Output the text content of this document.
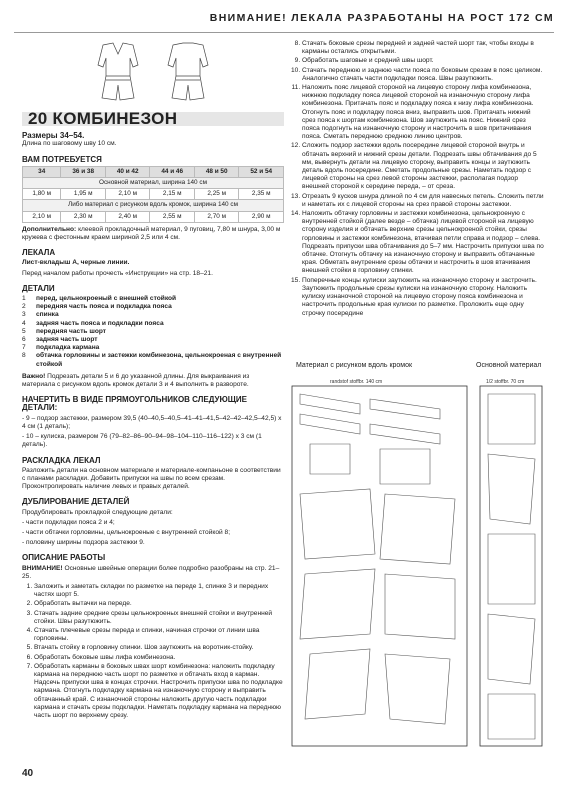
ВНИМАНИЕ! ЛЕКАЛА РАЗРАБОТАНЫ НА РОСТ 172 СМ
20 КОМБИНЕЗОН
Размеры 34–54.

Длина по шаговому шву 10 см.

ВАМ ПОТРЕБУЕТСЯ
34	36 и 38	40 и 42	44 и 46	48 и 50	52 и 54
Основной материал, ширина 140 см					
1,80 м	1,95 м	2,10 м	2,15 м	2,25 м	2,35 м
Либо материал с рисунком вдоль кромок, ширина 140 см					
2,10 м	2,30 м	2,40 м	2,55 м	2,70 м	2,90 м

Дополнительно: клеевой прокладочный материал, 9 пуговиц, 7,80 м шнура, 3,00 м кружева с фестонным краем шириной 2,5 или 4 см.

ЛЕКАЛА

Лист-вкладыш А, черные линии.

Перед началом работы прочесть «Инструкции» на стр. 18–21.

ДЕТАЛИ
1	перед, цельнокроеный с внешней стойкой
2	передняя часть пояса и подкладка пояса
3	спинка
4	задняя часть пояса и подкладки пояса
5	передняя часть шорт
6	задняя часть шорт
7	подкладка кармана
8	обтачка горловины и застежки комбинезона, цельнокроеная с внутренней стойкой

Важно! Подрезать детали 5 и 6 до указанной длины. Для выкраивания из материала с рисунком вдоль кромок детали 3 и 4 выполнить в развороте.

НАЧЕРТИТЬ В ВИДЕ ПРЯМОУГОЛЬНИКОВ СЛЕДУЮЩИЕ ДЕТАЛИ:

- 9 – подзор застежки, размером 39,5 (40–40,5–40,5–41–41–41,5–42–42–42,5–42,5) х 4 см (1 деталь);

- 10 – кулиска, размером 76 (79–82–86–90–94–98–104–110–116–122) х 3 см (1 деталь).

РАСКЛАДКА ЛЕКАЛ

Разложить детали на основном материале и материале-компаньоне в соответствии с планами раскладки. Добавить припуски на швы по всем срезам. Проконтролировать наличие левых и правых деталей.

ДУБЛИРОВАНИЕ ДЕТАЛЕЙ

Продублировать прокладкой следующие детали:

- части подкладки пояса 2 и 4;

- части обтачки горловины, цельнокроеные с внутренней стойкой 8;

- половину ширины подзора застежки 9.

ОПИСАНИЕ РАБОТЫ

ВНИМАНИЕ! Основные швейные операции более подробно разобраны на стр. 21–25.

1. Заложить и заметать складки по разметке на переде 1, спинке 3 и передних частях шорт 5.
2. Обработать вытачки на переде.
3. Стачать задние средние срезы цельнокроеных внешней стойки и внутренней стойки. Швы разутюжить.
4. Стачать плечевые срезы переда и спинки, начиная строчки от линии шва горловины.
5. Втачать стойку в горловину спинки. Шов заутюжить на воротник-стойку.
6. Обработать боковые швы лифа комбинезона.
7. Обработать карманы в боковых швах шорт комбинезона: наложить подкладку кармана на переднюю часть шорт по разметке и обтачать вход в карман. Надсечь припуски шва в концах строчки. Настрочить припуски шва по подкладке кармана. Отогнуть подкладку кармана на изнаночную сторону и выправить обтачанный край. С изнаночной стороны наложить другую часть подкладки кармана и стачать срезы подкладки. Наметать подкладку кармана на переднюю часть шорт по верхнему срезу.
8. Стачать боковые срезы передней и задней частей шорт так, чтобы входы в карманы остались открытыми.
9. Обработать шаговые и средний швы шорт.
10. Стачать переднюю и заднюю части пояса по боковым срезам в пояс целиком. Аналогично стачать части подкладки пояса. Швы разутюжить.
11. Наложить пояс лицевой стороной на лицевую сторону лифа комбинезона, нижнюю подкладку пояса лицевой стороной на изнаночную сторону лифа комбинезона. Притачать пояс и подкладку пояса к низу лифа комбинезона. Отогнуть пояс и подкладку пояса вниз, выправить шов. Притачать нижний срез пояса к шортам комбинезона. Шов заутюжить на пояс. Нижний срез пояса подогнуть на изнаночную сторону и настрочить в шов притачивания пояса. Сметать переднюю среднюю линию центров.
12. Сложить подзор застежки вдоль посередине лицевой стороной внутрь и обтачать верхний и нижний срезы детали. Подрезать швы обтачивания до 5 мм, вывернуть детали на лицевую сторону, выправить концы и заутюжить деталь вдоль посередине. Сметать продольные срезы. Наметать подзор с лицевой стороны на срез левой стороны застежки, располагая подзор внешней стороной к середине переда, – от среза.
13. Отрезать 9 кусков шнура длиной по 4 см для навесных петель. Сложить петли и наметать их с лицевой стороны на срез правой стороны застежки.
14. Наложить обтачку горловины и застежки комбинезона, цельнокроеную с внутренней стойкой (далее везде – обтачка) лицевой стороной на лицевую сторону изделия и обтачать верхние срезы цельнокроеной стойки, срезы горловины и застежки комбинезона, втачивая петли справа и подзор – слева. Подрезать припуски шва обтачивания до 5–7 мм. Настрочить припуски шва по обтачке. Отогнуть обтачку на изнаночную сторону и выправить обтачанные края. Обметать внутренние срезы обтачки и настрочить в шов втачивания внешней стойки в горловину спинки.
15. Поперечные концы кулиски заутюжить на изнаночную сторону и застрочить. Заутюжить продольные срезы кулиски на изнаночную сторону. Наложить кулиску изнаночной стороной на лицевую сторону пояса комбинезона и настрочить продольные края кулиски по разметке. Проложить еще одну строчку посередине
Материал с рисунком вдоль кромок	Основной материал
randstof stoffbr. 140 cm	1/2 stoffbr. 70 cm
40
